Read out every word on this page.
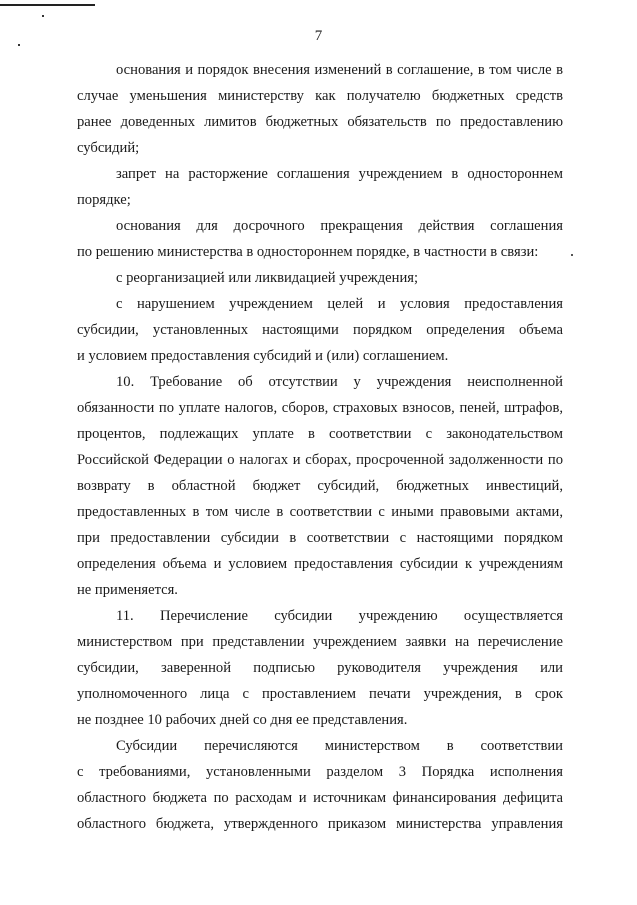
7

основания и порядок внесения изменений в соглашение, в том числе в
случае уменьшения министерству как получателю бюджетных средств
ранее доведенных лимитов бюджетных обязательств по предоставлению
субсидий;

запрет на расторжение соглашения учреждением в одностороннем
порядке;

основания для досрочного прекращения действия соглашения
по решению министерства в одностороннем порядке, в частности в связи:

с реорганизацией или ликвидацией учреждения;

с нарушением учреждением целей и условия предоставления
субсидии, установленных настоящими порядком определения объема
и условием предоставления субсидий и (или) соглашением.

10. Требование об отсутствии у учреждения неисполненной
обязанности по уплате налогов, сборов, страховых взносов, пеней, штрафов,
процентов, подлежащих уплате в соответствии с законодательством
Российской Федерации о налогах и сборах, просроченной задолженности по
возврату в областной бюджет субсидий, бюджетных инвестиций,
предоставленных в том числе в соответствии с иными правовыми актами,
при предоставлении субсидии в соответствии с настоящими порядком
определения объема и условием предоставления субсидии к учреждениям
не применяется.

11. Перечисление субсидии учреждению осуществляется
министерством при представлении учреждением заявки на перечисление
субсидии, заверенной подписью руководителя учреждения или
уполномоченного лица с проставлением печати учреждения, в срок
не позднее 10 рабочих дней со дня ее представления.

Субсидии перечисляются министерством в соответствии
с требованиями, установленными разделом 3 Порядка исполнения
областного бюджета по расходам и источникам финансирования дефицита
областного бюджета, утвержденного приказом министерства управления
